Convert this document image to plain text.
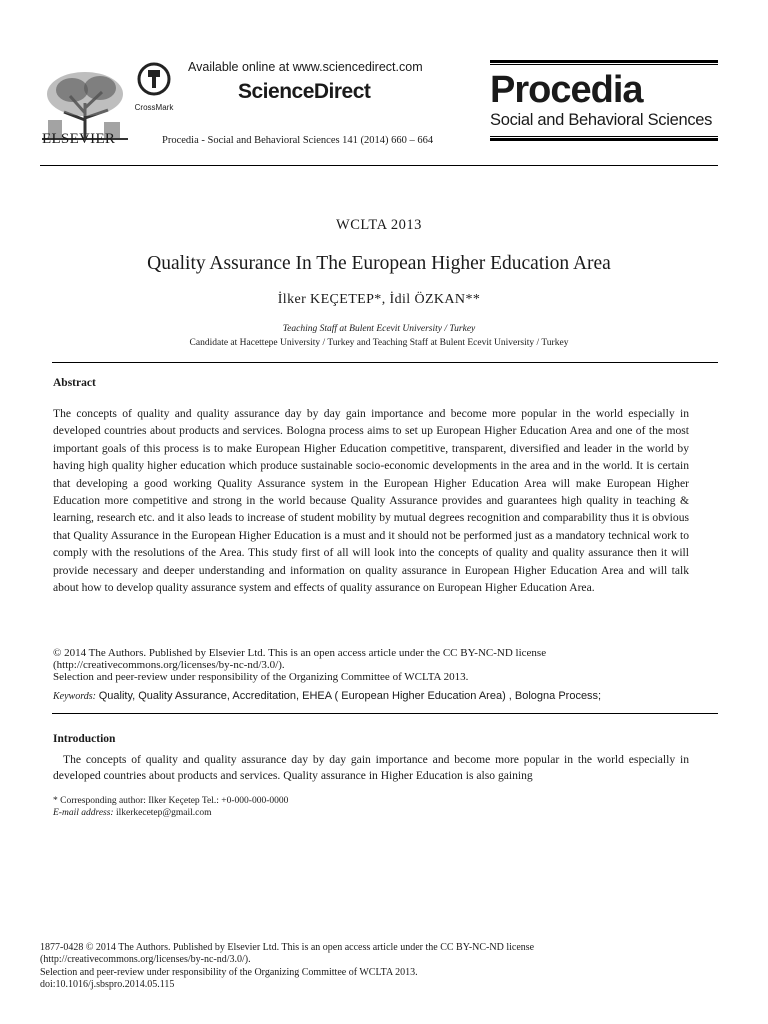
ELSEVIER
CrossMark
Available online at www.sciencedirect.com
ScienceDirect
Procedia - Social and Behavioral Sciences 141 (2014) 660 – 664
Procedia
Social and Behavioral Sciences
WCLTA 2013
Quality Assurance In The European Higher Education Area
İlker KEÇETEP*, İdil ÖZKAN**
Teaching Staff at Bulent Ecevit University / Turkey
Candidate at Hacettepe University / Turkey and Teaching Staff at Bulent Ecevit University / Turkey
Abstract
The concepts of quality and quality assurance day by day gain importance and become more popular in the world especially in developed countries about products and services. Bologna process aims to set up European Higher Education Area and one of the most important goals of this process is to make European Higher Education competitive, transparent, diversified and leader in the world by having high quality higher education which produce sustainable socio-economic developments in the area and in the world. It is certain that developing a good working Quality Assurance system in the European Higher Education Area will make European Higher Education more competitive and strong in the world because Quality Assurance provides and guarantees high quality in teaching & learning, research etc. and it also leads to increase of student mobility by mutual degrees recognition and comparability thus it is obvious that Quality Assurance in the European Higher Education is a must and it should not be performed just as a mandatory technical work to comply with the resolutions of the Area. This study first of all will look into the concepts of quality and quality assurance then it will provide necessary and deeper understanding and information on quality assurance in European Higher Education Area and will talk about how to develop quality assurance system and effects of quality assurance on European Higher Education Area.
© 2014 The Authors. Published by Elsevier Ltd. This is an open access article under the CC BY-NC-ND license
(http://creativecommons.org/licenses/by-nc-nd/3.0/).
Selection and peer-review under responsibility of the Organizing Committee of WCLTA 2013.
Keywords: Quality, Quality Assurance, Accreditation, EHEA ( European Higher Education Area) , Bologna Process;
Introduction
The concepts of quality and quality assurance day by day gain importance and become more popular in the world especially in developed countries about products and services. Quality assurance in Higher Education is also gaining
* Corresponding author: Ilker Keçetep Tel.: +0-000-000-0000
E-mail address: ilkerkecetep@gmail.com
1877-0428 © 2014 The Authors. Published by Elsevier Ltd. This is an open access article under the CC BY-NC-ND license
(http://creativecommons.org/licenses/by-nc-nd/3.0/).
Selection and peer-review under responsibility of the Organizing Committee of WCLTA 2013.
doi:10.1016/j.sbspro.2014.05.115
